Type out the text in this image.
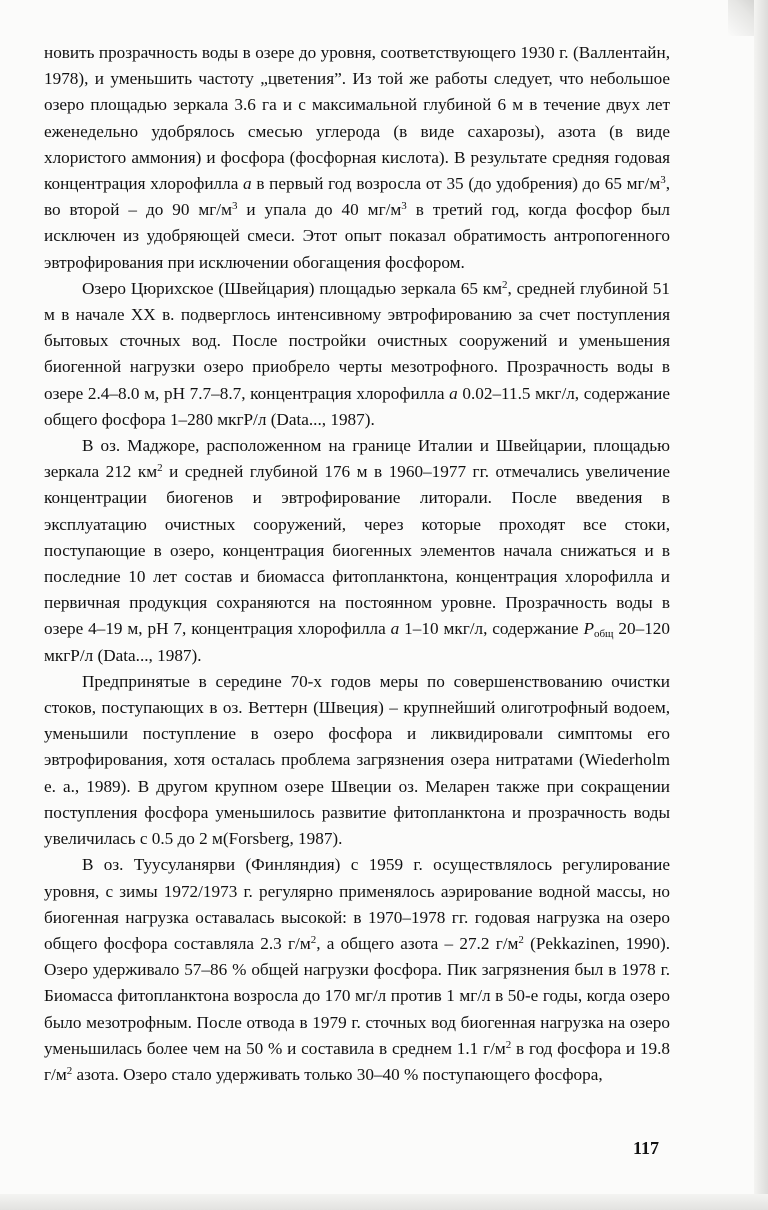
новить прозрачность воды в озере до уровня, соответствующего 1930 г. (Валлентайн, 1978), и уменьшить частоту „цветения”. Из той же работы следует, что небольшое озеро площадью зеркала 3.6 га и с максимальной глубиной 6 м в течение двух лет еженедельно удобрялось смесью углерода (в виде сахарозы), азота (в виде хлористого аммония) и фосфора (фосфорная кислота). В результате средняя годовая концентрация хлорофилла a в первый год возросла от 35 (до удобрения) до 65 $мг/м^3$, во второй – до 90 $мг/м^3$ и упала до 40 $мг/м^3$ в третий год, когда фосфор был исключен из удобряющей смеси. Этот опыт показал обратимость антропогенного эвтрофирования при исключении обогащения фосфором.

Озеро Цюрихское (Швейцария) площадью зеркала 65 $км^2$, средней глубиной 51 м в начале XX в. подверглось интенсивному эвтрофированию за счет поступления бытовых сточных вод. После постройки очистных сооружений и уменьшения биогенной нагрузки озеро приобрело черты мезотрофного. Прозрачность воды в озере 2.4–8.0 м, pH 7.7–8.7, концентрация хлорофилла a 0.02–11.5 мкг/л, содержание общего фосфора 1–280 мкгР/л (Data..., 1987).

В оз. Маджоре, расположенном на границе Италии и Швейцарии, площадью зеркала 212 $км^2$ и средней глубиной 176 м в 1960–1977 гг. отмечались увеличение концентрации биогенов и эвтрофирование литорали. После введения в эксплуатацию очистных сооружений, через которые проходят все стоки, поступающие в озеро, концентрация биогенных элементов начала снижаться и в последние 10 лет состав и биомасса фитопланктона, концентрация хлорофилла и первичная продукция сохраняются на постоянном уровне. Прозрачность воды в озере 4–19 м, pH 7, концентрация хлорофилла a 1–10 мкг/л, содержание $P_{общ}$ 20–120 мкгР/л (Data..., 1987).

Предпринятые в середине 70-х годов меры по совершенствованию очистки стоков, поступающих в оз. Веттерн (Швеция) – крупнейший олиготрофный водоем, уменьшили поступление в озеро фосфора и ликвидировали симптомы его эвтрофирования, хотя осталась проблема загрязнения озера нитратами (Wiederholm e. a., 1989). В другом крупном озере Швеции оз. Меларен также при сокращении поступления фосфора уменьшилось развитие фитопланктона и прозрачность воды увеличилась с 0.5 до 2 м(Forsberg, 1987).

В оз. Туусуланярви (Финляндия) с 1959 г. осуществлялось регулирование уровня, с зимы 1972/1973 г. регулярно применялось аэрирование водной массы, но биогенная нагрузка оставалась высокой: в 1970–1978 гг. годовая нагрузка на озеро общего фосфора составляла 2.3 $г/м^2$, а общего азота – 27.2 $г/м^2$ (Pekkazinen, 1990). Озеро удерживало 57–86 % общей нагрузки фосфора. Пик загрязнения был в 1978 г. Биомасса фитопланктона возросла до 170 мг/л против 1 мг/л в 50-е годы, когда озеро было мезотрофным. После отвода в 1979 г. сточных вод биогенная нагрузка на озеро уменьшилась более чем на 50 % и составила в среднем 1.1 $г/м^2$ в год фосфора и 19.8 $г/м^2$ азота. Озеро стало удерживать только 30–40 % поступающего фосфора,

117
